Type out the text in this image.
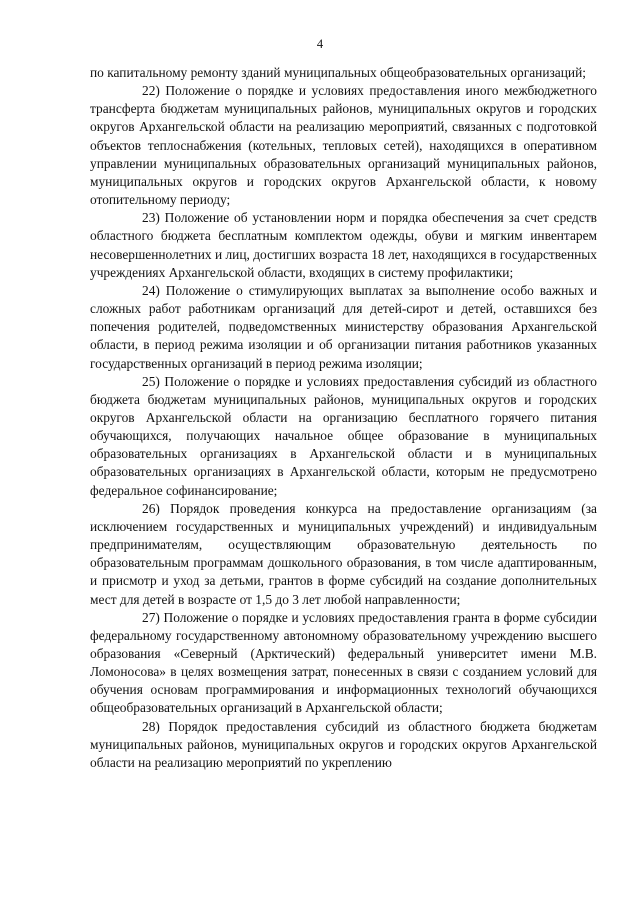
4

по капитальному ремонту зданий муниципальных общеобразовательных организаций;

22) Положение о порядке и условиях предоставления иного межбюджетного трансферта бюджетам муниципальных районов, муниципальных округов и городских округов Архангельской области на реализацию мероприятий, связанных с подготовкой объектов теплоснабжения (котельных, тепловых сетей), находящихся в оперативном управлении муниципальных образовательных организаций муниципальных районов, муниципальных округов и городских округов Архангельской области, к новому отопительному периоду;

23) Положение об установлении норм и порядка обеспечения за счет средств областного бюджета бесплатным комплектом одежды, обуви и мягким инвентарем несовершеннолетних и лиц, достигших возраста 18 лет, находящихся в государственных учреждениях Архангельской области, входящих в систему профилактики;

24) Положение о стимулирующих выплатах за выполнение особо важных и сложных работ работникам организаций для детей-сирот и детей, оставшихся без попечения родителей, подведомственных министерству образования Архангельской области, в период режима изоляции и об организации питания работников указанных государственных организаций в период режима изоляции;

25) Положение о порядке и условиях предоставления субсидий из областного бюджета бюджетам муниципальных районов, муниципальных округов и городских округов Архангельской области на организацию бесплатного горячего питания обучающихся, получающих начальное общее образование в муниципальных образовательных организациях в Архангельской области и в муниципальных образовательных организациях в Архангельской области, которым не предусмотрено федеральное софинансирование;

26) Порядок проведения конкурса на предоставление организациям (за исключением государственных и муниципальных учреждений) и индивидуальным предпринимателям, осуществляющим образовательную деятельность по образовательным программам дошкольного образования, в том числе адаптированным, и присмотр и уход за детьми, грантов в форме субсидий на создание дополнительных мест для детей в возрасте от 1,5 до 3 лет любой направленности;

27) Положение о порядке и условиях предоставления гранта в форме субсидии федеральному государственному автономному образовательному учреждению высшего образования «Северный (Арктический) федеральный университет имени М.В. Ломоносова» в целях возмещения затрат, понесенных в связи с созданием условий для обучения основам программирования и информационных технологий обучающихся общеобразовательных организаций в Архангельской области;

28) Порядок предоставления субсидий из областного бюджета бюджетам муниципальных районов, муниципальных округов и городских округов Архангельской области на реализацию мероприятий по укреплению
